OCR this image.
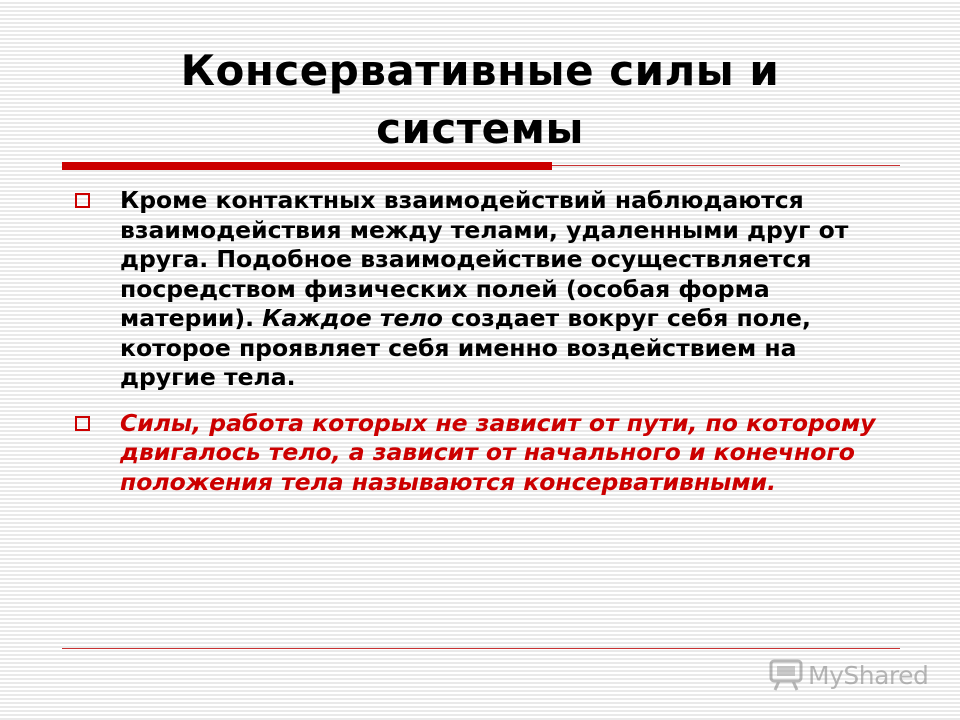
Консервативные силы и
системы
Кроме контактных взаимодействий наблюдаются взаимодействия между телами, удаленными друг от друга. Подобное взаимодействие осуществляется посредством физических полей (особая форма материи). Каждое тело создает вокруг себя поле, которое проявляет себя именно воздействием на другие тела.
Силы, работа которых не зависит от пути, по которому двигалось тело, а зависит от начального и конечного положения тела называются консервативными.
MyShared
